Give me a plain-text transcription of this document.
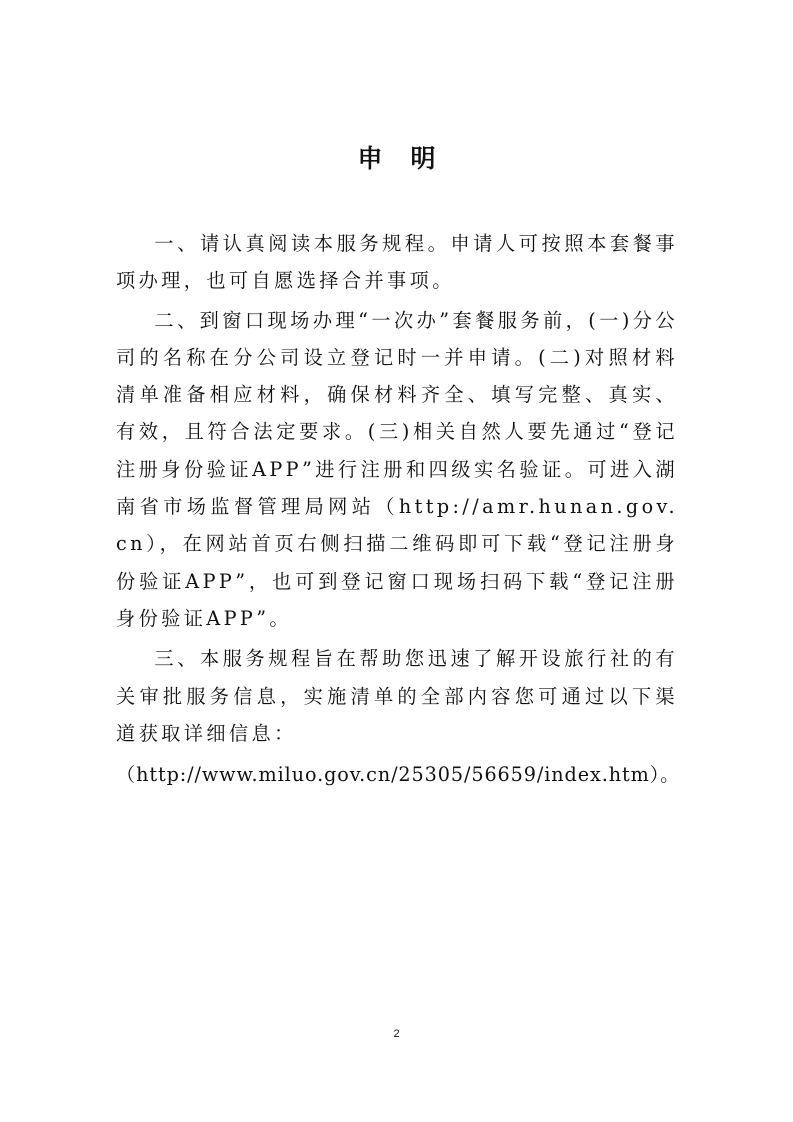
申明

一、请认真阅读本服务规程。申请人可按照本套餐事项办理，也可自愿选择合并事项。

二、到窗口现场办理“一次办”套餐服务前，(一)分公司的名称在分公司设立登记时一并申请。(二)对照材料清单准备相应材料，确保材料齐全、填写完整、真实、有效，且符合法定要求。(三)相关自然人要先通过“登记注册身份验证APP”进行注册和四级实名验证。可进入湖南省市场监督管理局网站（http://amr.hunan.gov.cn），在网站首页右侧扫描二维码即可下载“登记注册身份验证APP”，也可到登记窗口现场扫码下载“登记注册身份验证APP”。

三、本服务规程旨在帮助您迅速了解开设旅行社的有关审批服务信息，实施清单的全部内容您可通过以下渠道获取详细信息：

（http://www.miluo.gov.cn/25305/56659/index.htm）。
2
